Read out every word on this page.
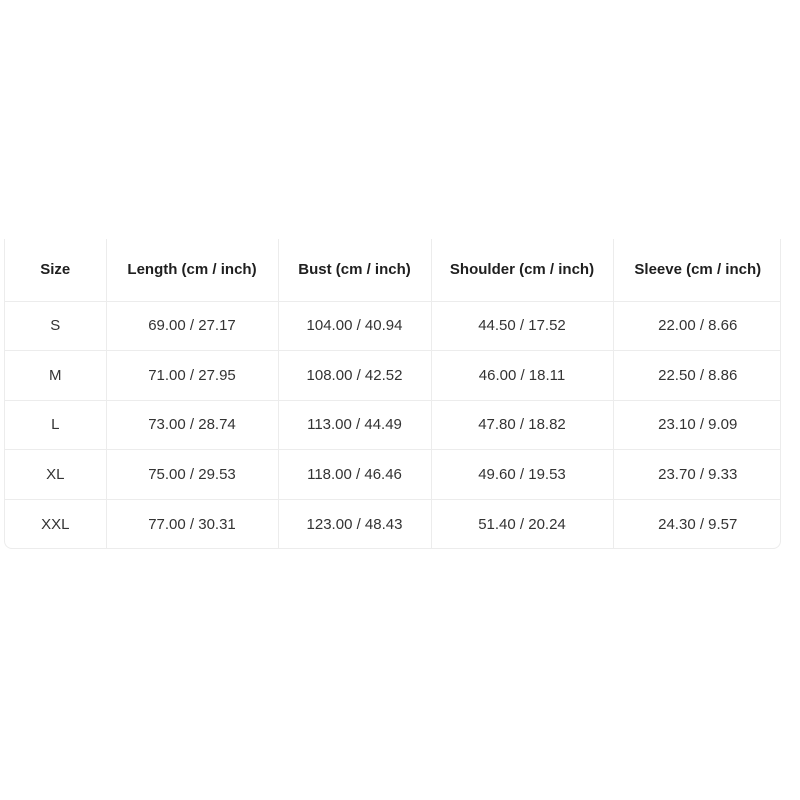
Size	Length (cm / inch)	Bust (cm / inch)	Shoulder (cm / inch)	Sleeve (cm / inch)
S	69.00 / 27.17	104.00 / 40.94	44.50 / 17.52	22.00 / 8.66
M	71.00 / 27.95	108.00 / 42.52	46.00 / 18.11	22.50 / 8.86
L	73.00 / 28.74	113.00 / 44.49	47.80 / 18.82	23.10 / 9.09
XL	75.00 / 29.53	118.00 / 46.46	49.60 / 19.53	23.70 / 9.33
XXL	77.00 / 30.31	123.00 / 48.43	51.40 / 20.24	24.30 / 9.57
